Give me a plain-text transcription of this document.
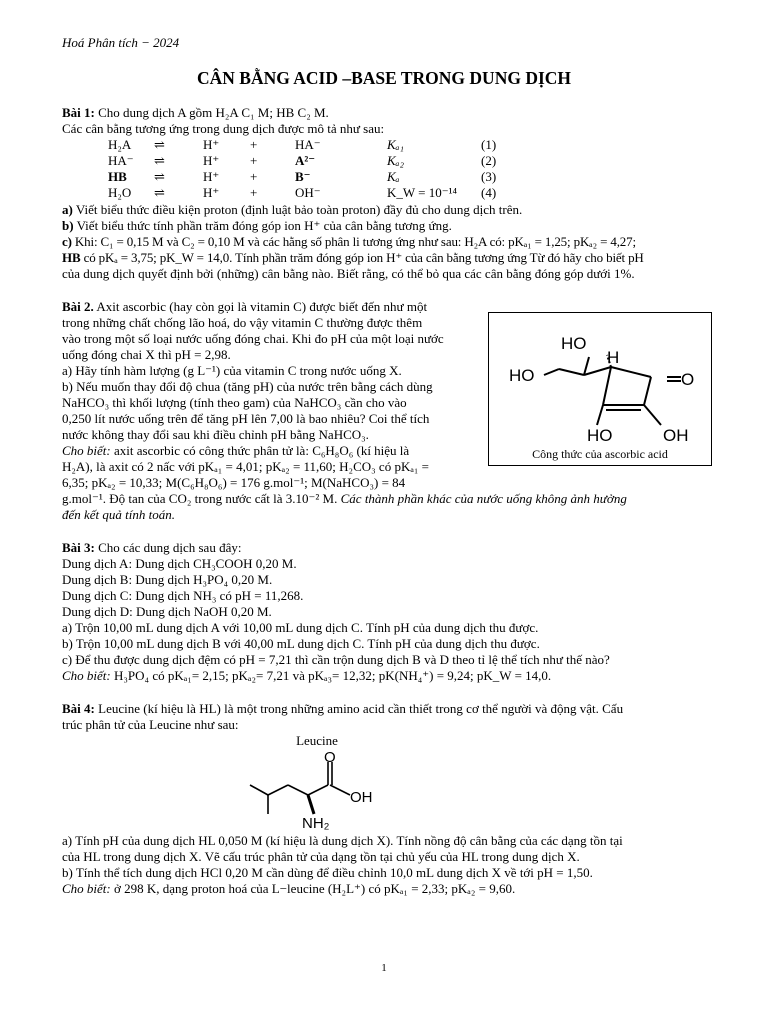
Hoá Phân tích − 2024
CÂN BẰNG ACID –BASE TRONG DUNG DỊCH
Bài 1: Cho dung dịch A gồm H₂A C₁ M; HB C₂ M.
Các cân bằng tương ứng trong dung dịch được mô tả như sau:
H₂A ⇌	H⁺ +	HA⁻	Kₐ₁	(1)
HA⁻ ⇌	H⁺ +	A²⁻	Kₐ₂	(2)
HB ⇌	H⁺ +	B⁻	Kₐ	(3)
H₂O ⇌	H⁺ +	OH⁻	K_W = 10⁻¹⁴ (4)
a) Viết biểu thức điều kiện proton (định luật bảo toàn proton) đầy đủ cho dung dịch trên.
b) Viết biểu thức tính phần trăm đóng góp ion H⁺ của cân bằng tương ứng.
c) Khi: C₁ = 0,15 M và C₂ = 0,10 M và các hằng số phân li tương ứng như sau: H₂A có: pKₐ₁ = 1,25; pKₐ₂ = 4,27;
HB có pKₐ = 3,75; pK_W = 14,0. Tính phần trăm đóng góp ion H⁺ của cân bằng tương ứng Từ đó hãy cho biết pH
của dung dịch quyết định bởi (những) cân bằng nào. Biết rằng, có thể bỏ qua các cân bằng đóng góp dưới 1%.
Bài 2. Axit ascorbic (hay còn gọi là vitamin C) được biết đến như một
trong những chất chống lão hoá, do vậy vitamin C thường được thêm
vào trong một số loại nước uống đóng chai. Khi đo pH của một loại nước
uống đóng chai X thì pH = 2,98.
a) Hãy tính hàm lượng (g L⁻¹) của vitamin C trong nước uống X.
b) Nếu muốn thay đổi độ chua (tăng pH) của nước trên bằng cách dùng
NaHCO₃ thì khối lượng (tính theo gam) của NaHCO₃ cần cho vào
0,250 lít nước uống trên để tăng pH lên 7,00 là bao nhiêu? Coi thể tích
nước không thay đổi sau khi điều chỉnh pH bằng NaHCO₃.
Cho biết: axit ascorbic có công thức phân tử là: C₆H₈O₆ (kí hiệu là
H₂A), là axit có 2 nấc với pKₐ₁ = 4,01; pKₐ₂ = 11,60; H₂CO₃ có pKₐ₁ =
6,35; pKₐ₂ = 10,33; M(C₆H₈O₆) = 176 g.mol⁻¹; M(NaHCO₃) = 84
g.mol⁻¹. Độ tan của CO₂ trong nước cất là 3.10⁻² M. Các thành phần khác của nước uống không ảnh hưởng
đến kết quả tính toán.
HO
H
HO	O
HO	OH
Công thức của ascorbic acid
Bài 3: Cho các dung dịch sau đây:
Dung dịch A: Dung dịch CH₃COOH 0,20 M.
Dung dịch B: Dung dịch H₃PO₄ 0,20 M.
Dung dịch C: Dung dịch NH₃ có pH = 11,268.
Dung dịch D: Dung dịch NaOH 0,20 M.
a) Trộn 10,00 mL dung dịch A với 10,00 mL dung dịch C. Tính pH của dung dịch thu được.
b) Trộn 10,00 mL dung dịch B với 40,00 mL dung dịch C. Tính pH của dung dịch thu được.
c) Để thu được dung dịch đệm có pH = 7,21 thì cần trộn dung dịch B và D theo tỉ lệ thể tích như thế nào?
Cho biết: H₃PO₄ có pKₐ₁= 2,15; pKₐ₂= 7,21 và pKₐ₃= 12,32; pK(NH₄⁺) = 9,24; pK_W = 14,0.
Bài 4: Leucine (kí hiệu là HL) là một trong những amino acid cần thiết trong cơ thể người và động vật. Cấu
trúc phân tử của Leucine như sau:
Leucine
O
OH
NH₂
a) Tính pH của dung dịch HL 0,050 M (kí hiệu là dung dịch X). Tính nồng độ cân bằng của các dạng tồn tại
của HL trong dung dịch X. Vẽ cấu trúc phân tử của dạng tồn tại chủ yếu của HL trong dung dịch X.
b) Tính thể tích dung dịch HCl 0,20 M cần dùng để điều chỉnh 10,0 mL dung dịch X về tới pH = 1,50.
Cho biết: ở 298 K, dạng proton hoá của L−leucine (H₂L⁺) có pKₐ₁ = 2,33; pKₐ₂ = 9,60.
1
